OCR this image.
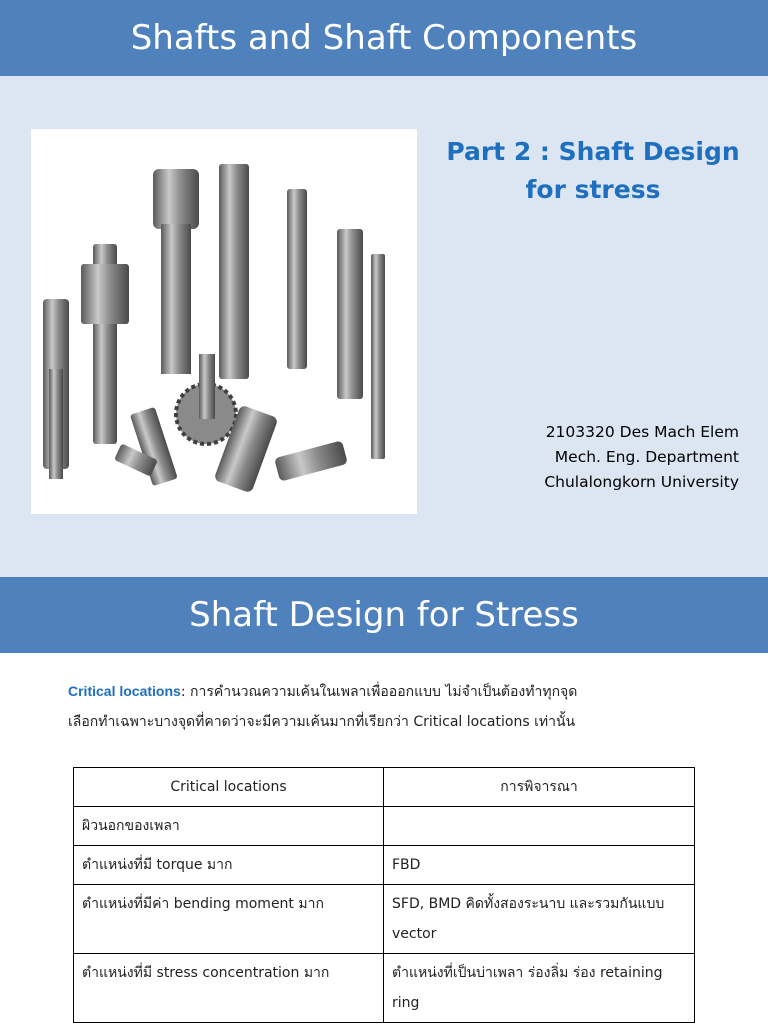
Shafts and Shaft Components
Part 2 : Shaft Design
for stress
2103320 Des Mach Elem
Mech. Eng. Department
Chulalongkorn University
Shaft Design for Stress
Critical locations: การคำนวณความเค้นในเพลาเพื่อออกแบบ ไม่จำเป็นต้องทำทุกจุด
เลือกทำเฉพาะบางจุดที่คาดว่าจะมีความเค้นมากที่เรียกว่า Critical locations เท่านั้น
Critical locations	การพิจารณา
ผิวนอกของเพลา	
ตำแหน่งที่มี torque มาก	FBD
ตำแหน่งที่มีค่า bending moment มาก	SFD, BMD คิดทั้งสองระนาบ และรวมกันแบบ vector
ตำแหน่งที่มี stress concentration มาก	ตำแหน่งที่เป็นบ่าเพลา ร่องลิ่ม ร่อง retaining ring
